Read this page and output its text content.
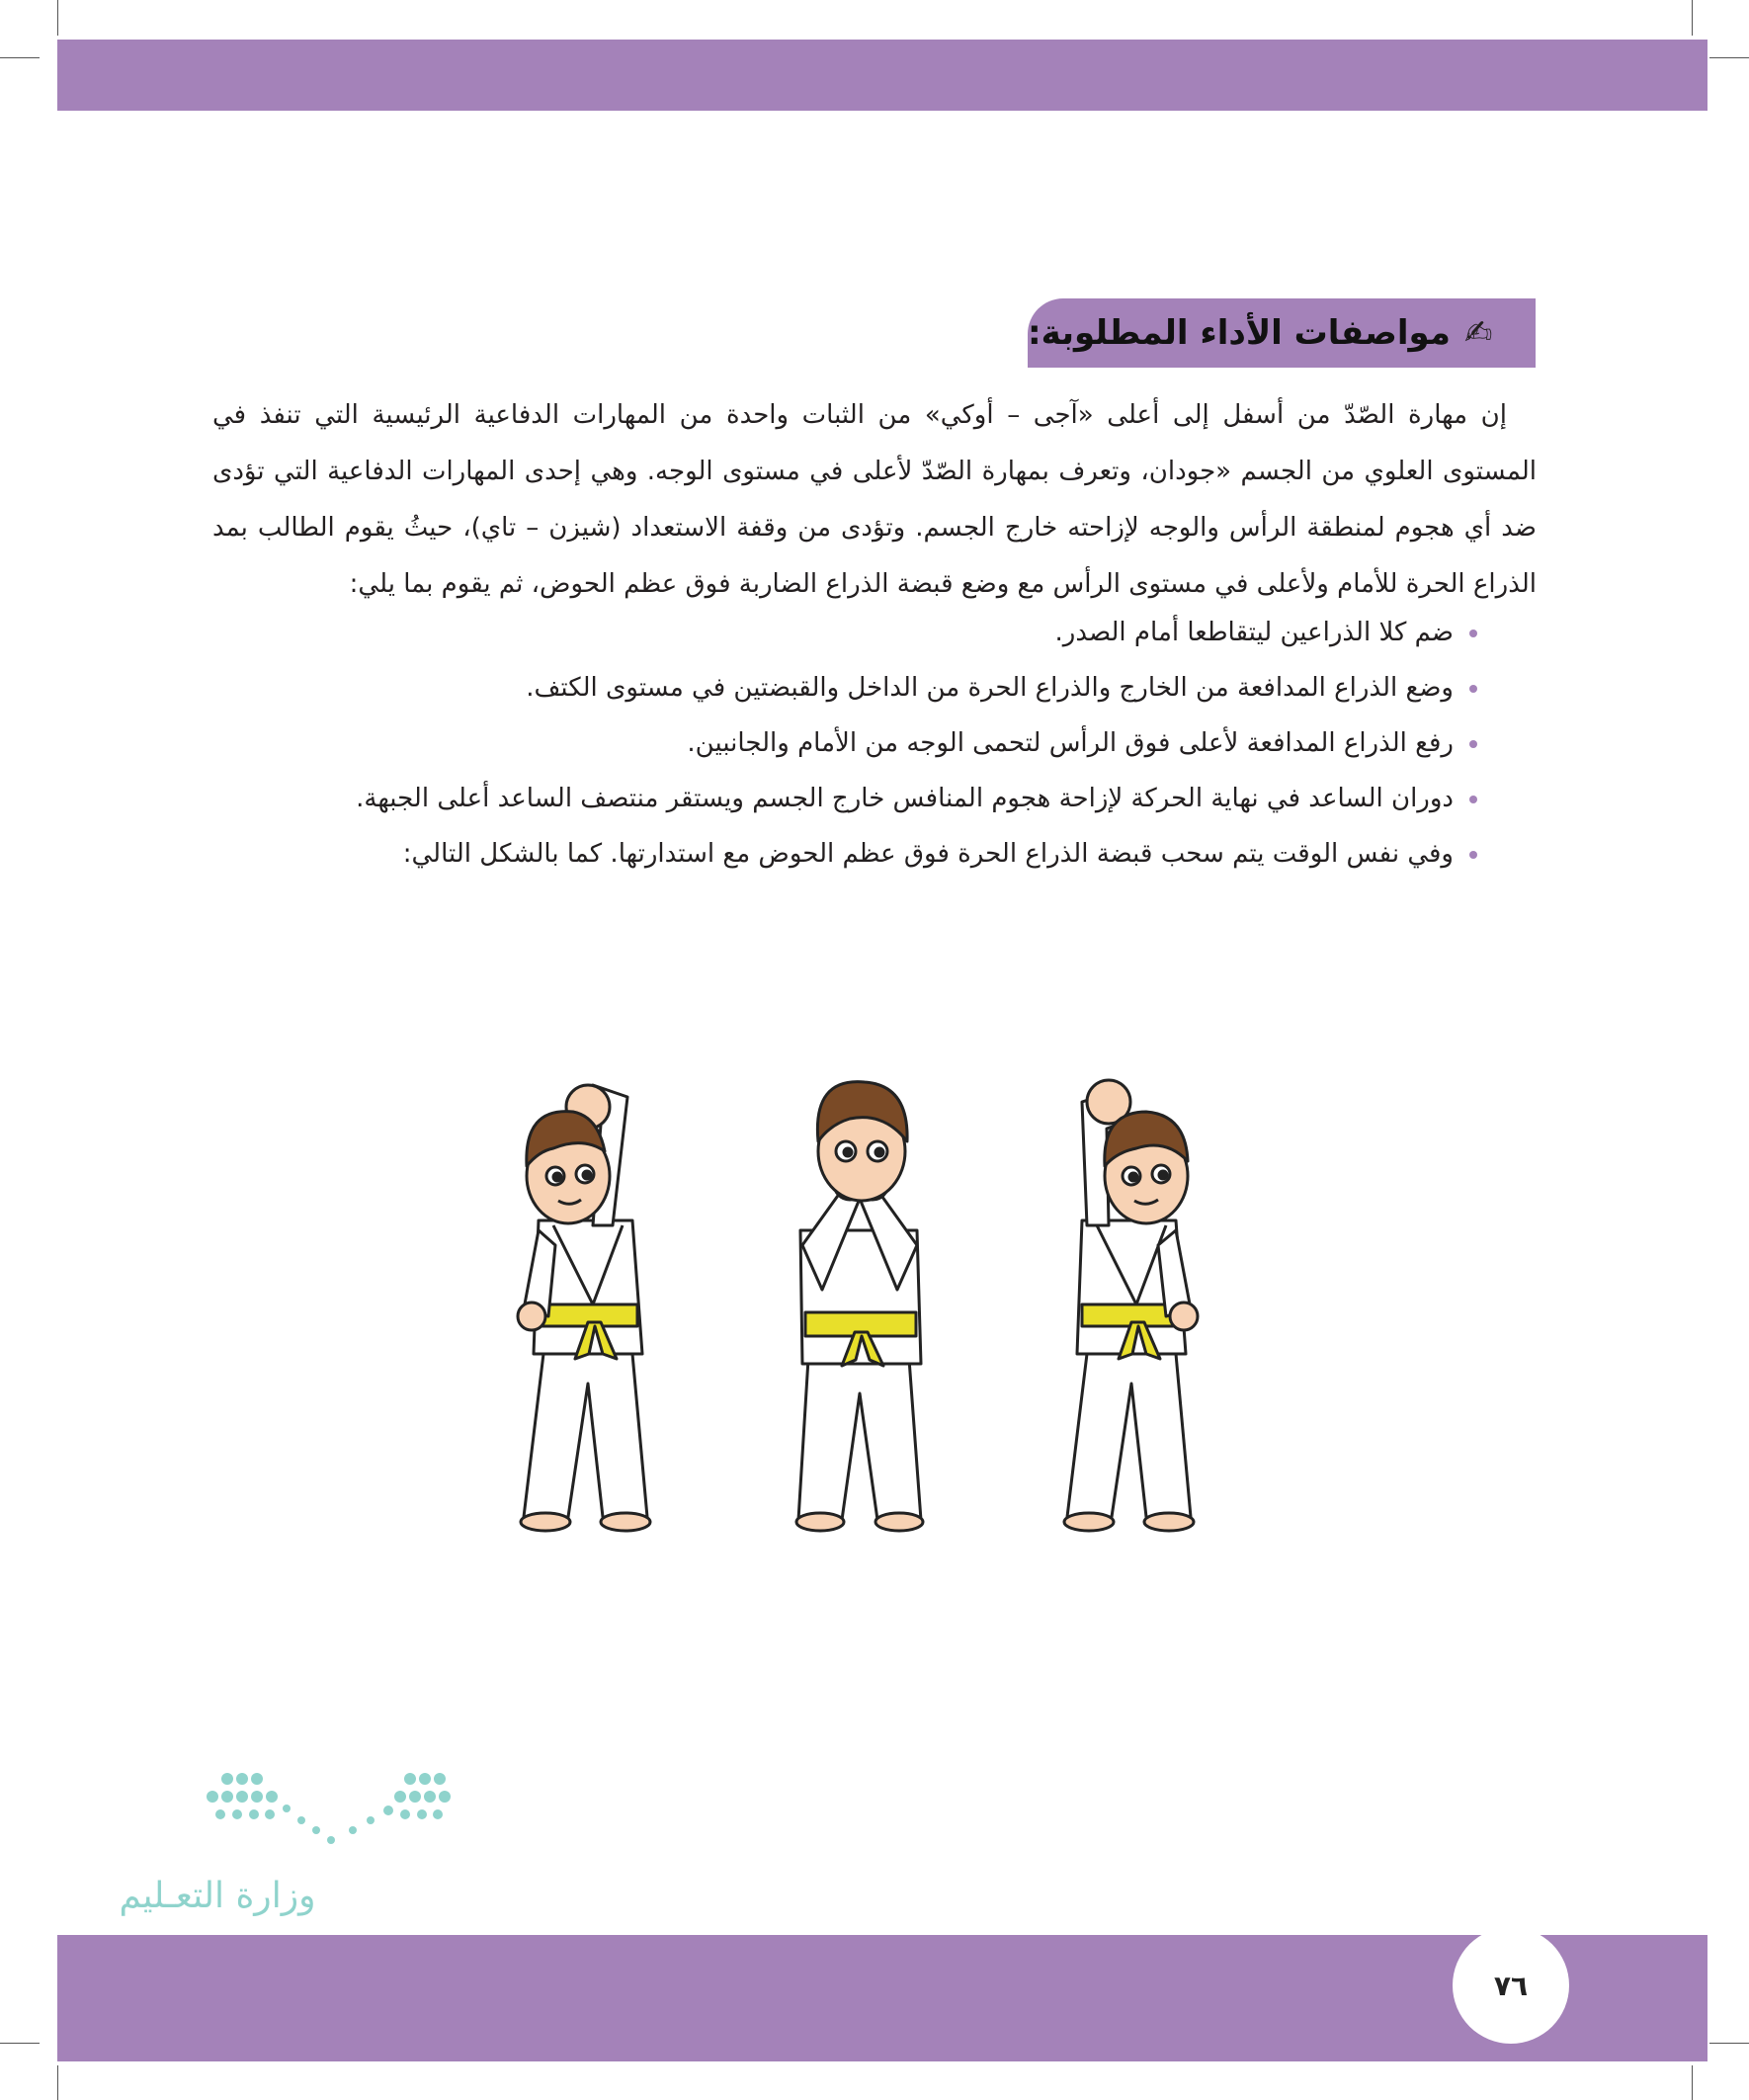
✍
مواصفات الأداء المطلوبة:

إن مهارة الصّدّ من أسفل إلى أعلى «آجى – أوكي» من الثبات واحدة من المهارات الدفاعية الرئيسية التي تنفذ في المستوى العلوي من الجسم «جودان، وتعرف بمهارة الصّدّ لأعلى في مستوى الوجه. وهي إحدى المهارات الدفاعية التي تؤدى ضد أي هجوم لمنطقة الرأس والوجه لإزاحته خارج الجسم. وتؤدى من وقفة الاستعداد (شيزن – تاي)، حيثُ يقوم الطالب بمد الذراع الحرة للأمام ولأعلى في مستوى الرأس مع وضع قبضة الذراع الضاربة فوق عظم الحوض، ثم يقوم بما يلي:

ضم كلا الذراعين ليتقاطعا أمام الصدر.
وضع الذراع المدافعة من الخارج والذراع الحرة من الداخل والقبضتين في مستوى الكتف.
رفع الذراع المدافعة لأعلى فوق الرأس لتحمى الوجه من الأمام والجانبين.
دوران الساعد في نهاية الحركة لإزاحة هجوم المنافس خارج الجسم ويستقر منتصف الساعد أعلى الجبهة.
وفي نفس الوقت يتم سحب قبضة الذراع الحرة فوق عظم الحوض مع استدارتها. كما بالشكل التالي:
وزارة التعـليم
٧٦
